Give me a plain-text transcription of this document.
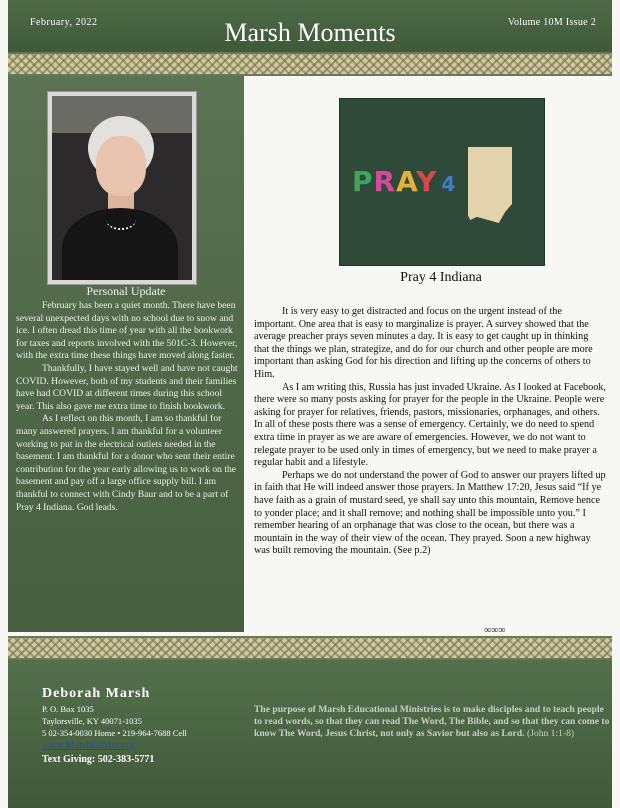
February, 2022	Marsh Moments	Volume 10M Issue 2
Personal Update

February has been a quiet month. There have been several unexpected days with no school due to snow and ice. I often dread this time of year with all the bookwork for taxes and reports involved with the 501C-3. However, with the extra time these things have moved along faster.

Thankfully, I have stayed well and have not caught COVID. However, both of my students and their families have had COVID at different times during this school year. This also gave me extra time to finish bookwork.

As I reflect on this month, I am so thankful for many answered prayers. I am thankful for a volunteer working to put in the electrical outlets needed in the basement. I am thankful for a donor who sent their entire contribution for the year early allowing us to work on the basement and pay off a large office supply bill. I am thankful to connect with Cindy Baur and to be a part of Pray 4 Indiana. God leads.

PRAY 4
Pray 4 Indiana

It is very easy to get distracted and focus on the urgent instead of the important. One area that is easy to marginalize is prayer. A survey showed that the average preacher prays seven minutes a day. It is easy to get caught up in thinking that the things we plan, strategize, and do for our church and other people are more important than asking God for his direction and lifting up the concerns of others to Him.

As I am writing this, Russia has just invaded Ukraine. As I looked at Facebook, there were so many posts asking for prayer for the people in the Ukraine. People were asking for prayer for relatives, friends, pastors, missionaries, orphanages, and others. In all of these posts there was a sense of emergency. Certainly, we do need to spend extra time in prayer as we are aware of emergencies. However, we do not want to relegate prayer to be used only in times of emergency, but we need to make prayer a regular habit and a lifestyle.

Perhaps we do not understand the power of God to answer our prayers lifted up in faith that He will indeed answer those prayers. In Matthew 17:20, Jesus said “If ye have faith as a grain of mustard seed, ye shall say unto this mountain, Remove hence to yonder place; and it shall remove; and nothing shall be impossible unto you.” I remember hearing of an orphanage that was close to the ocean, but there was a mountain in the way of their view of the ocean. They prayed. Soon a new highway was built removing the mountain. (See p.2)

∞∞∞
Deborah Marsh
P. O. Box 1035
Taylorsville, KY 40071-1035
5 02-354-0030 Home • 219-964-7688 Cell
www.MarshEdMin.org
Text Giving: 502-383-5771
The purpose of Marsh Educational Ministries is to make disciples and to teach people to read words, so that they can read The Word, The Bible, and so that they can come to know The Word, Jesus Christ, not only as Savior but also as Lord. (John 1:1-8)
